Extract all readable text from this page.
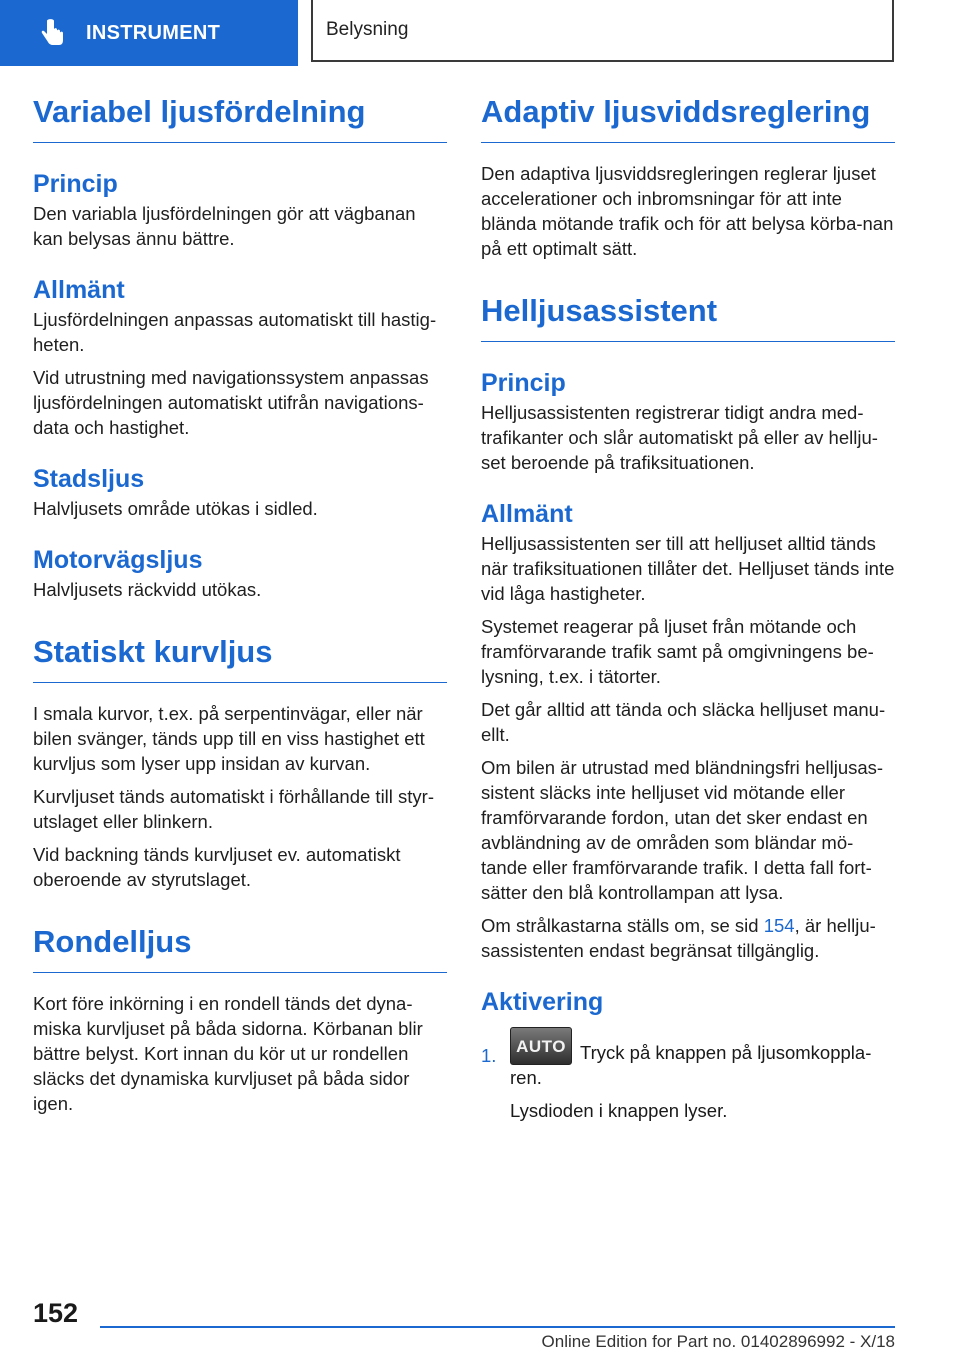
INSTRUMENT	Belysning
Variabel ljusfördelning
Princip

Den variabla ljusfördelningen gör att vägbanan kan belysas ännu bättre.

Allmänt

Ljusfördelningen anpassas automatiskt till hastig‐heten.

Vid utrustning med navigationssystem anpassas ljusfördelningen automatiskt utifrån navigations‐data och hastighet.

Stadsljus

Halvljusets område utökas i sidled.

Motorvägsljus

Halvljusets räckvidd utökas.

Statiskt kurvljus

I smala kurvor, t.ex. på serpentinvägar, eller när bilen svänger, tänds upp till en viss hastighet ett kurvljus som lyser upp insidan av kurvan.

Kurvljuset tänds automatiskt i förhållande till styr‐utslaget eller blinkern.

Vid backning tänds kurvljuset ev. automatiskt oberoende av styrutslaget.

Rondelljus

Kort före inkörning i en rondell tänds det dyna‐miska kurvljuset på båda sidorna. Körbanan blir bättre belyst. Kort innan du kör ut ur rondellen släcks det dynamiska kurvljuset på båda sidor igen.

Adaptiv ljusviddsreglering

Den adaptiva ljusviddsregleringen reglerar ljuset accelerationer och inbromsningar för att inte blända mötande trafik och för att belysa körba‐nan på ett optimalt sätt.

Helljusassistent
Princip

Helljusassistenten registrerar tidigt andra med‐trafikanter och slår automatiskt på eller av hellju‐set beroende på trafiksituationen.

Allmänt

Helljusassistenten ser till att helljuset alltid tänds när trafiksituationen tillåter det. Helljuset tänds inte vid låga hastigheter.

Systemet reagerar på ljuset från mötande och framförvarande trafik samt på omgivningens be‐lysning, t.ex. i tätorter.

Det går alltid att tända och släcka helljuset manu‐ellt.

Om bilen är utrustad med bländningsfri helljusas‐sistent släcks inte helljuset vid mötande eller framförvarande fordon, utan det sker endast en avbländning av de områden som bländar mö‐tande eller framförvarande trafik. I detta fall fort‐sätter den blå kontrollampan att lysa.

Om strålkastarna ställs om, se sid 154, är hellju‐sassistenten endast begränsat tillgänglig.

Aktivering
1.	AUTO Tryck på knappen på ljusomkoppla‐ren.
Lysdioden i knappen lyser.
152
Online Edition for Part no. 01402896992 - X/18
